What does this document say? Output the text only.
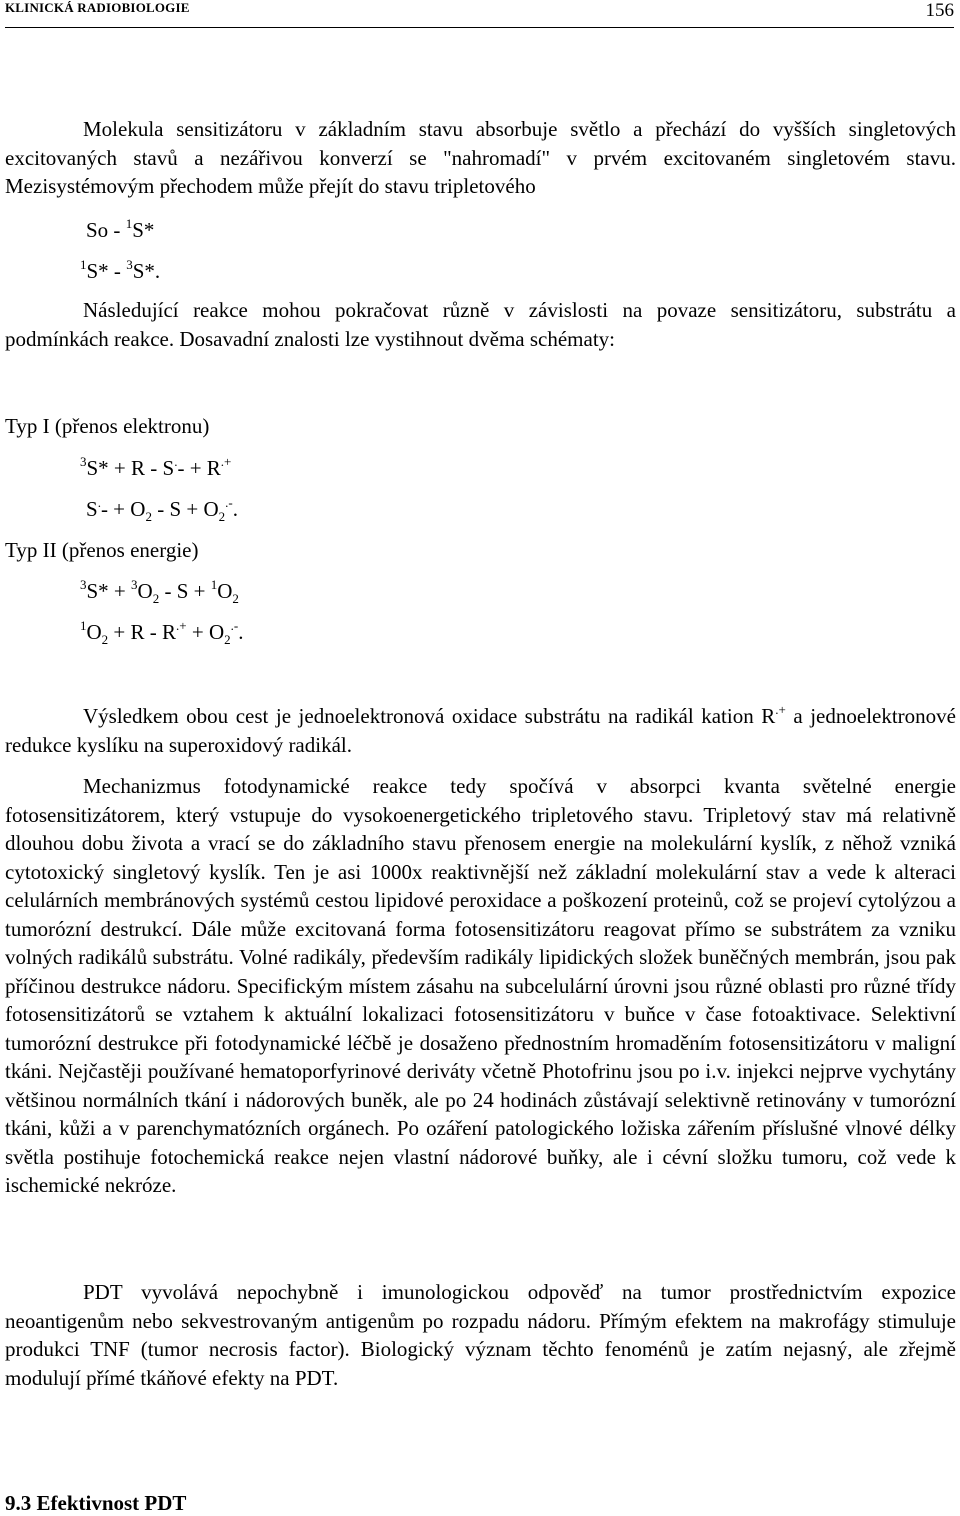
KLINICKÁ RADIOBIOLOGIE	156

Molekula sensitizátoru v základním stavu absorbuje světlo a přechází do vyšších singletových excitovaných stavů a nezářivou konverzí se "nahromadí" v prvém excitovaném singletovém stavu. Mezisystémovým přechodem může přejít do stavu tripletového

So - $^1$S*
$^1$S* - $^3$S*.

Následující reakce mohou pokračovat různě v závislosti na povaze sensitizátoru, substrátu a podmínkách reakce. Dosavadní znalosti lze vystihnout dvěma schématy:

Typ I (přenos elektronu)
$^3$S* + R - S.- + R.+
$S^.- + O_2 - S + O_2^{.-}$.
Typ II (přenos energie)
$^3S* + ^3O_2 - S + ^1O_2$
$^1O_2 + R - R^{.+} + O_2^{.-}$.

Výsledkem obou cest je jednoelektronová oxidace substrátu na radikál kation R.+ a jednoelektronové redukce kyslíku na superoxidový radikál.

Mechanizmus fotodynamické reakce tedy spočívá v absorpci kvanta světelné energie fotosensitizátorem, který vstupuje do vysokoenergetického tripletového stavu. Tripletový stav má relativně dlouhou dobu života a vrací se do základního stavu přenosem energie na molekulární kyslík, z něhož vzniká cytotoxický singletový kyslík. Ten je asi 1000x reaktivnější než základní molekulární stav a vede k alteraci celulárních membránových systémů cestou lipidové peroxidace a poškození proteinů, což se projeví cytolýzou a tumorózní destrukcí. Dále může excitovaná forma fotosensitizátoru reagovat přímo se substrátem za vzniku volných radikálů substrátu. Volné radikály, především radikály lipidických složek buněčných membrán, jsou pak příčinou destrukce nádoru. Specifickým místem zásahu na subcelulární úrovni jsou různé oblasti pro různé třídy fotosensitizátorů se vztahem k aktuální lokalizaci fotosensitizátoru v buňce v čase fotoaktivace. Selektivní tumorózní destrukce při fotodynamické léčbě je dosaženo přednostním hromaděním fotosensitizátoru v maligní tkáni. Nejčastěji používané hematoporfyrinové deriváty včetně Photofrinu jsou po i.v. injekci nejprve vychytány většinou normálních tkání i nádorových buněk, ale po 24 hodinách zůstávají selektivně retinovány v tumorózní tkáni, kůži a v parenchymatózních orgánech. Po ozáření patologického ložiska zářením příslušné vlnové délky světla postihuje fotochemická reakce nejen vlastní nádorové buňky, ale i cévní složku tumoru, což vede k ischemické nekróze.

PDT vyvolává nepochybně i imunologickou odpověď na tumor prostřednictvím expozice neoantigenům nebo sekvestrovaným antigenům po rozpadu nádoru. Přímým efektem na makrofágy stimuluje produkci TNF (tumor necrosis factor). Biologický význam těchto fenoménů je zatím nejasný, ale zřejmě modulují přímé tkáňové efekty na PDT.

9.3 Efektivnost PDT
